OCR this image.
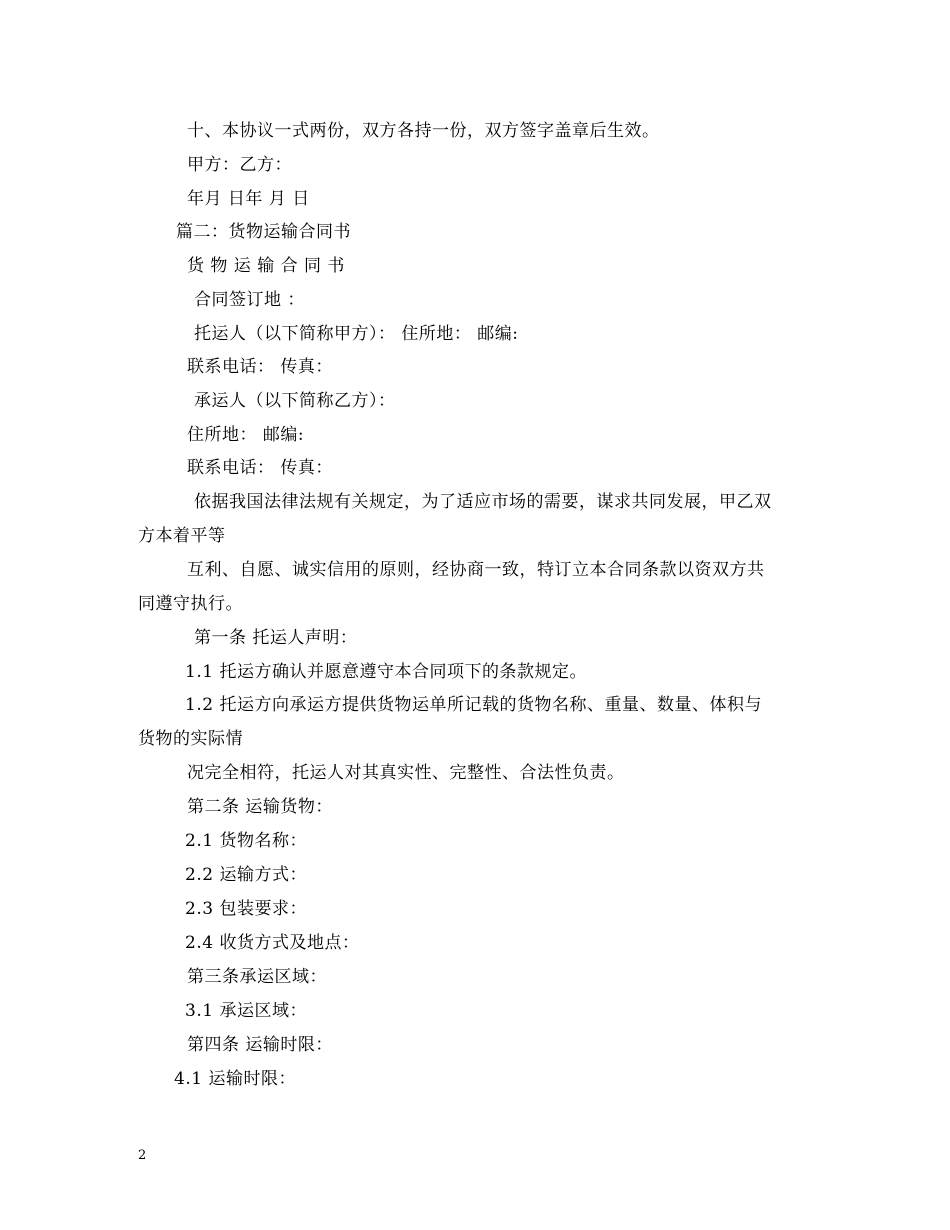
十、本协议一式两份，双方各持一份，双方签字盖章后生效。
甲方：乙方：
年月 日年 月 日
篇二：货物运输合同书
货 物 运 输 合 同 书
合同签订地 ：
托运人（以下简称甲方）： 住所地： 邮编:
联系电话： 传真：
承运人（以下简称乙方）：
住所地： 邮编:
联系电话： 传真：
依据我国法律法规有关规定，为了适应市场的需要，谋求共同发展，甲乙双
方本着平等
互利、自愿、诚实信用的原则，经协商一致，特订立本合同条款以资双方共
同遵守执行。
第一条 托运人声明：
1.1 托运方确认并愿意遵守本合同项下的条款规定。
1.2 托运方向承运方提供货物运单所记载的货物名称、重量、数量、体积与
货物的实际情
况完全相符，托运人对其真实性、完整性、合法性负责。
第二条 运输货物：
2.1 货物名称：
2.2 运输方式：
2.3 包装要求：
2.4 收货方式及地点：
第三条承运区域：
3.1 承运区域：
第四条 运输时限：
4.1 运输时限：
2
